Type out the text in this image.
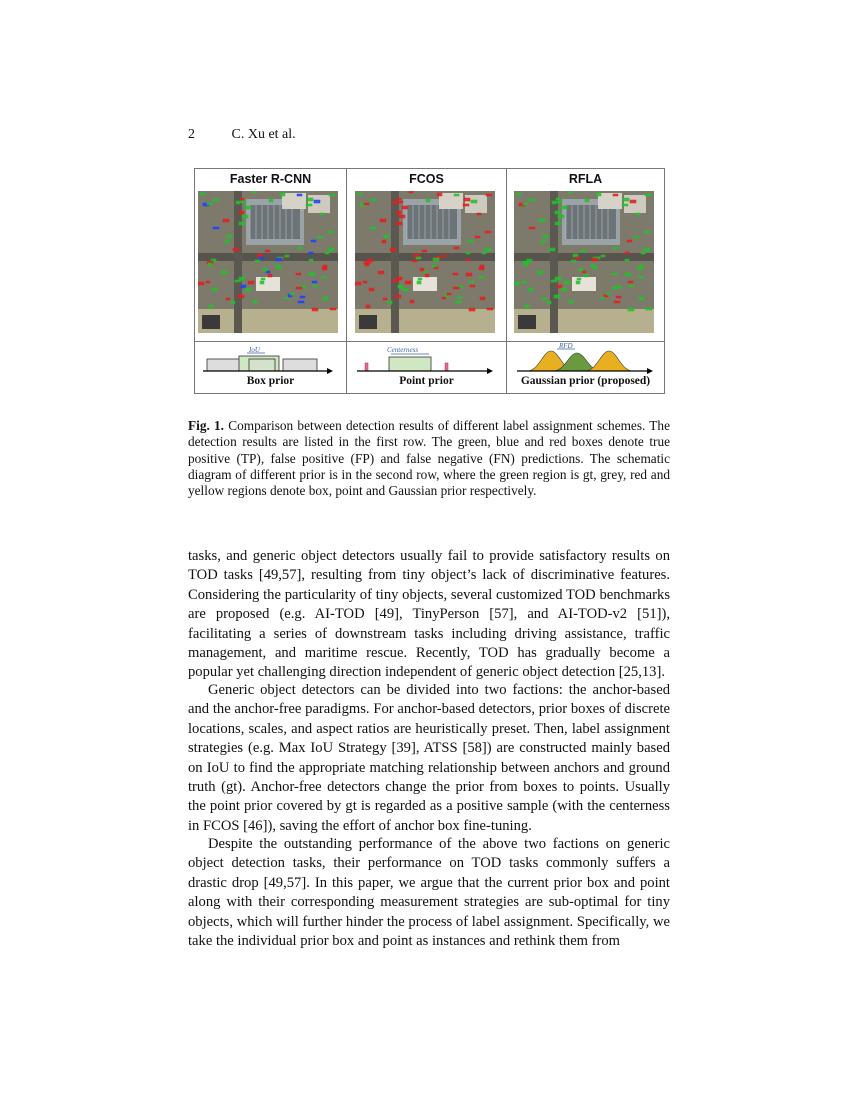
2	C. Xu et al.
Faster R-CNN
IoU
Box prior
FCOS
Centerness
Point prior
RFLA
RFD
Gaussian prior (proposed)
Fig. 1. Comparison between detection results of different label assignment schemes. The detection results are listed in the first row. The green, blue and red boxes denote true positive (TP), false positive (FP) and false negative (FN) predictions. The schematic diagram of different prior is in the second row, where the green region is gt, grey, red and yellow regions denote box, point and Gaussian prior respectively.

tasks, and generic object detectors usually fail to provide satisfactory results on TOD tasks [49,57], resulting from tiny object’s lack of discriminative features. Considering the particularity of tiny objects, several customized TOD benchmarks are proposed (e.g. AI-TOD [49], TinyPerson [57], and AI-TOD-v2 [51]), facilitating a series of downstream tasks including driving assistance, traffic management, and maritime rescue. Recently, TOD has gradually become a popular yet challenging direction independent of generic object detection [25,13].

Generic object detectors can be divided into two factions: the anchor-based and the anchor-free paradigms. For anchor-based detectors, prior boxes of discrete locations, scales, and aspect ratios are heuristically preset. Then, label assignment strategies (e.g. Max IoU Strategy [39], ATSS [58]) are constructed mainly based on IoU to find the appropriate matching relationship between anchors and ground truth (gt). Anchor-free detectors change the prior from boxes to points. Usually the point prior covered by gt is regarded as a positive sample (with the centerness in FCOS [46]), saving the effort of anchor box fine-tuning.

Despite the outstanding performance of the above two factions on generic object detection tasks, their performance on TOD tasks commonly suffers a drastic drop [49,57]. In this paper, we argue that the current prior box and point along with their corresponding measurement strategies are sub-optimal for tiny objects, which will further hinder the process of label assignment. Specifically, we take the individual prior box and point as instances and rethink them from
